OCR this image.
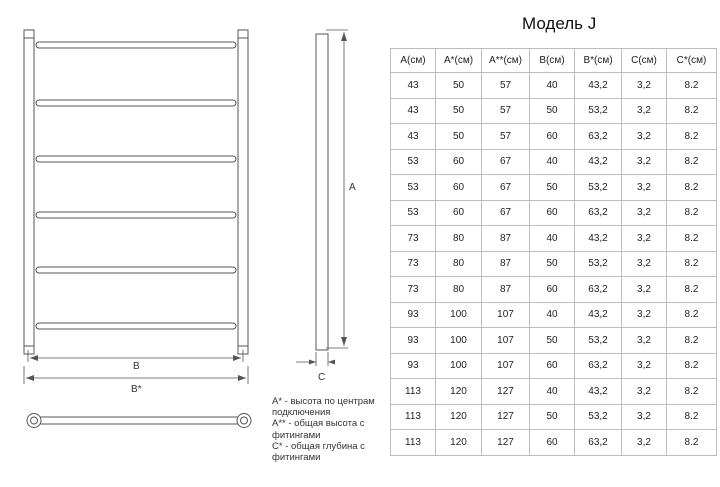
B
B*
A
C
A* - высота по центрам подключения
A** - общая высота с фитингами
C* - общая глубина с фитингами
Модель J
А(см)	А*(см)	А**(см)	В(см)	В*(см)	С(см)	С*(см)
43	50	57	40	43,2	3,2	8.2
43	50	57	50	53,2	3,2	8.2
43	50	57	60	63,2	3,2	8.2
53	60	67	40	43,2	3,2	8.2
53	60	67	50	53,2	3,2	8.2
53	60	67	60	63,2	3,2	8.2
73	80	87	40	43,2	3,2	8.2
73	80	87	50	53,2	3,2	8.2
73	80	87	60	63,2	3,2	8.2
93	100	107	40	43,2	3,2	8.2
93	100	107	50	53,2	3,2	8.2
93	100	107	60	63,2	3,2	8.2
113	120	127	40	43,2	3,2	8.2
113	120	127	50	53,2	3,2	8.2
113	120	127	60	63,2	3,2	8.2
